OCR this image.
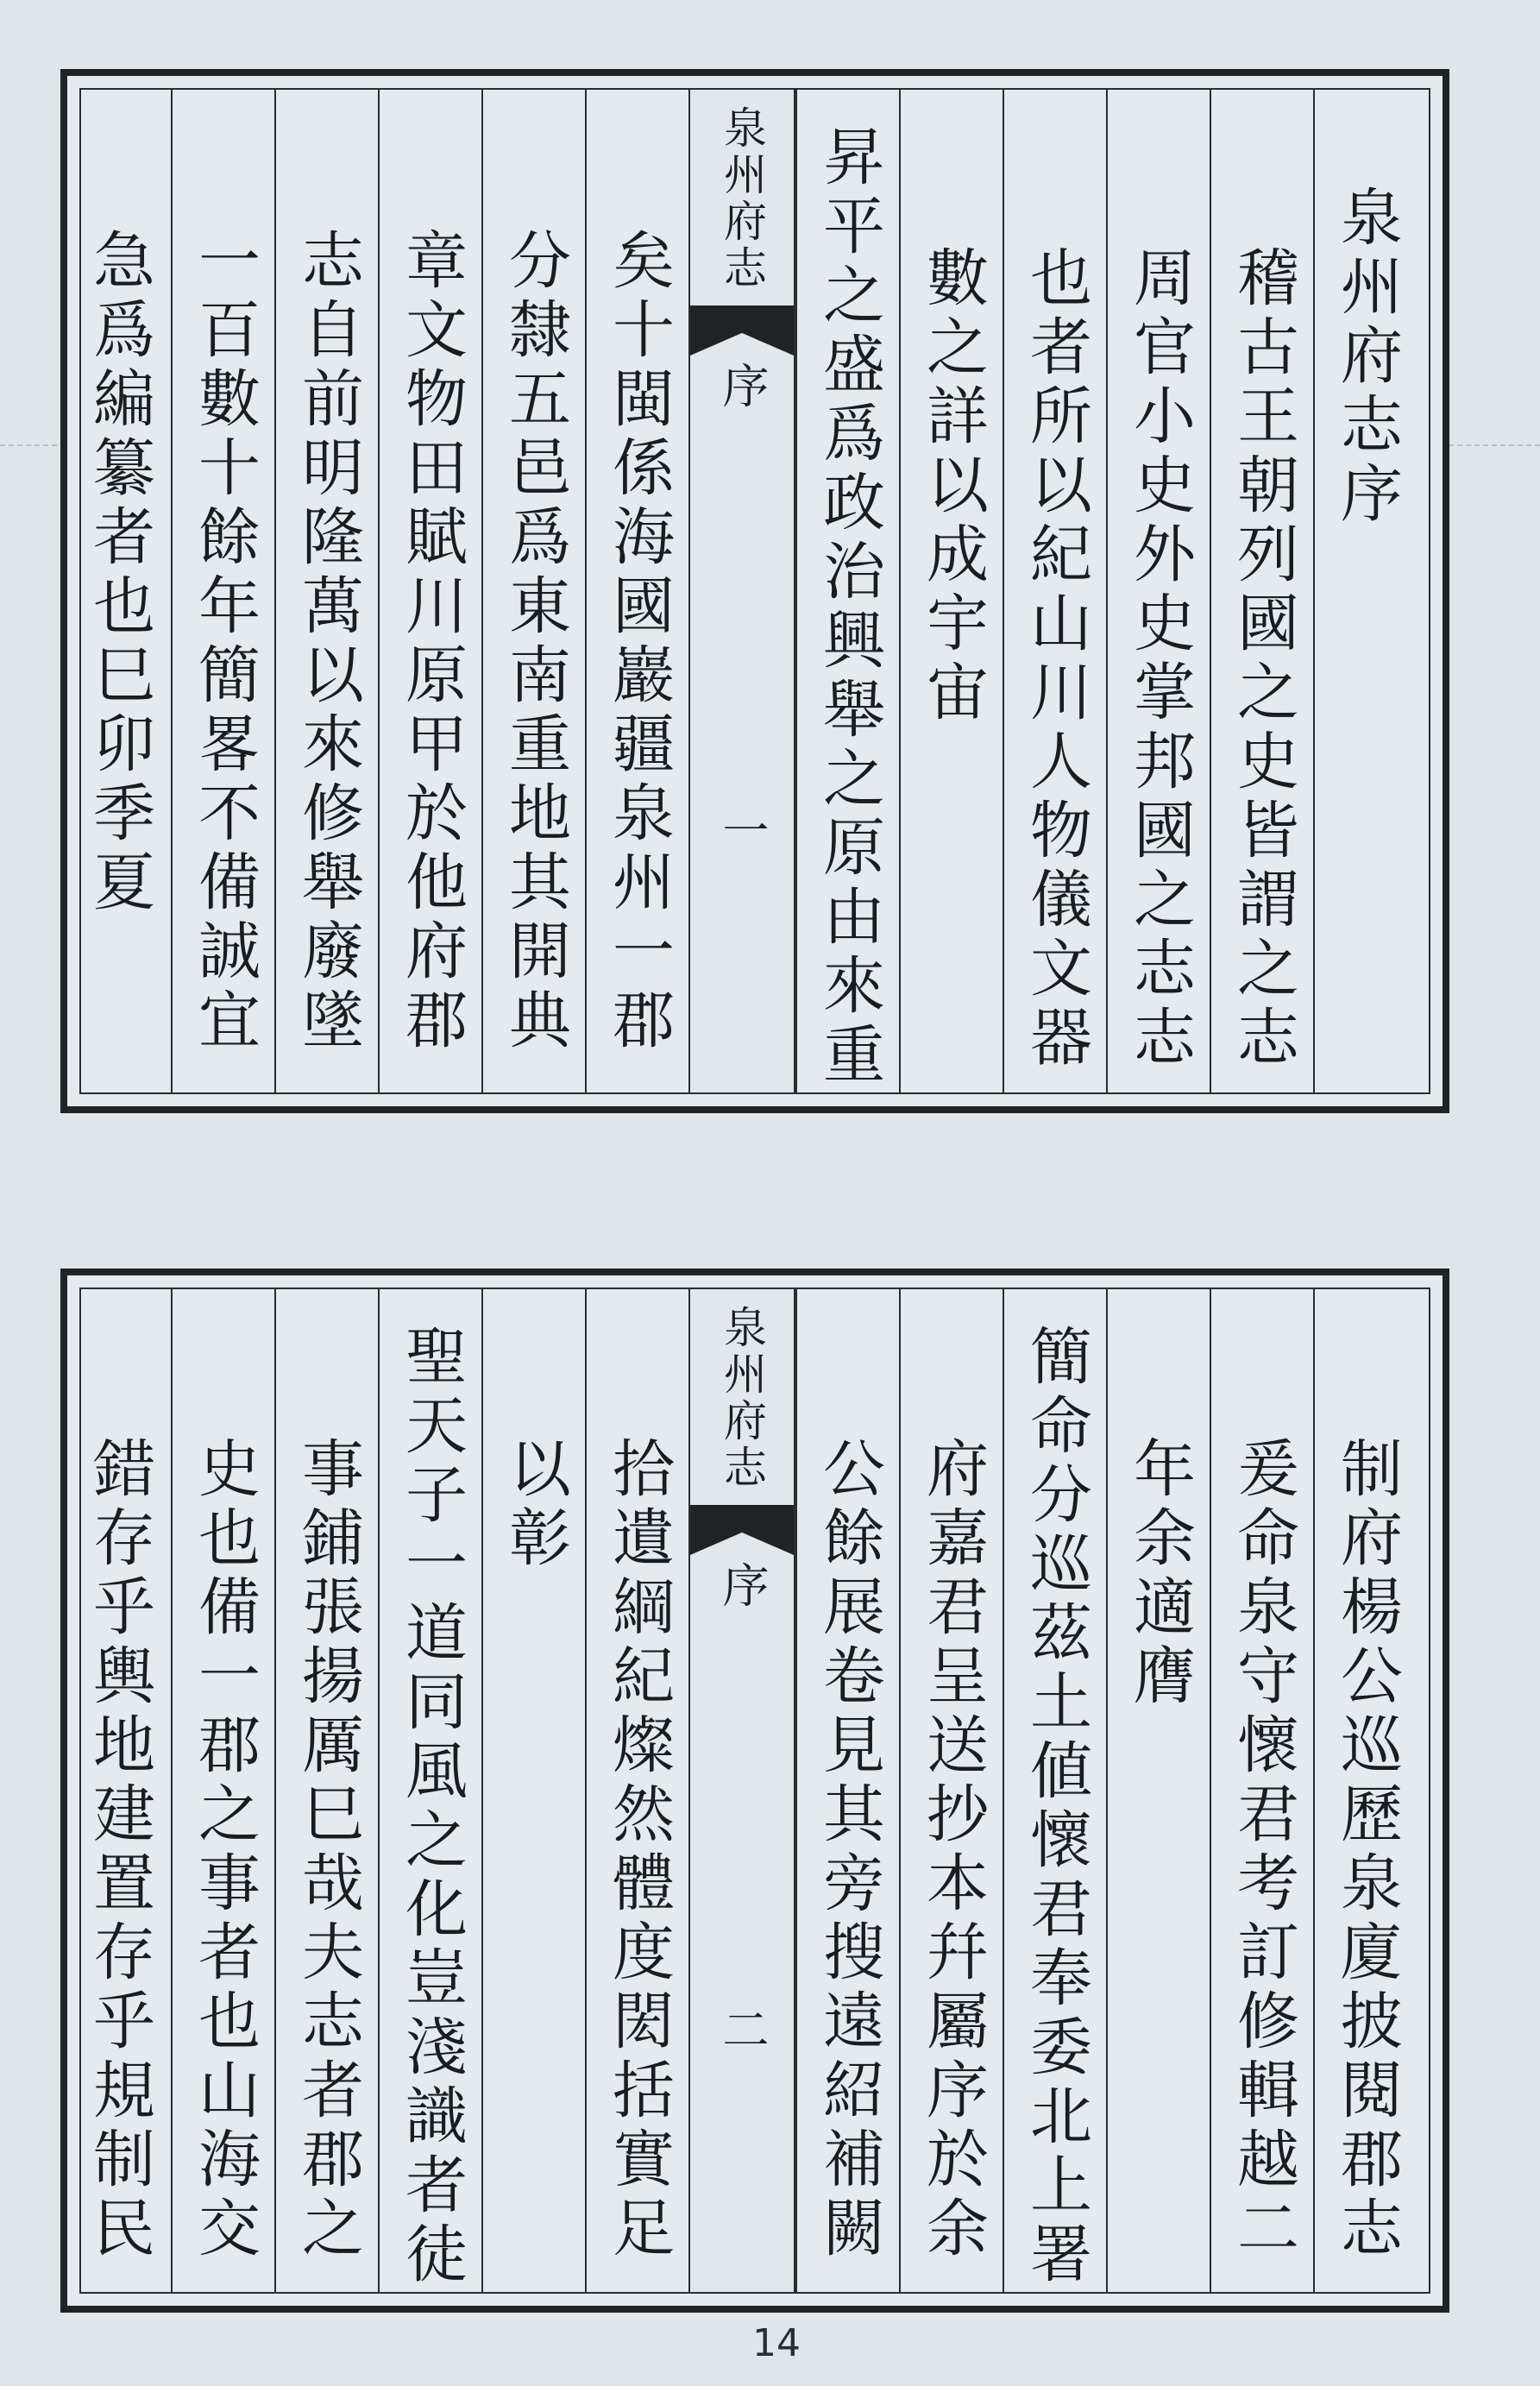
泉州府志序
稽古王朝列國之史皆謂之志
周官小史外史掌邦國之志志
也者所以紀山川人物儀文器
數之詳以成宇宙
昇平之盛爲政治興舉之原由來重
泉州府志
序
一
矣十閩係海國巖疆泉州一郡
分隸五邑爲東南重地其開典
章文物田賦川原甲於他府郡
志自前明隆萬以來修舉廢墜
一百數十餘年簡畧不備誠宜
急爲編纂者也巳卯季夏
制府楊公巡歷泉廈披閱郡志
爰命泉守懷君考訂修輯越二
年余適膺
簡命分巡茲土値懷君奉委北上署
府嘉君呈送抄本幷屬序於余
公餘展卷見其旁搜遠紹補闕
泉州府志
序
二
拾遺綱紀燦然體度閎括實足
以彰
聖天子一道同風之化豈淺識者徒
事鋪張揚厲巳哉夫志者郡之
史也備一郡之事者也山海交
錯存乎輿地建置存乎規制民
14
